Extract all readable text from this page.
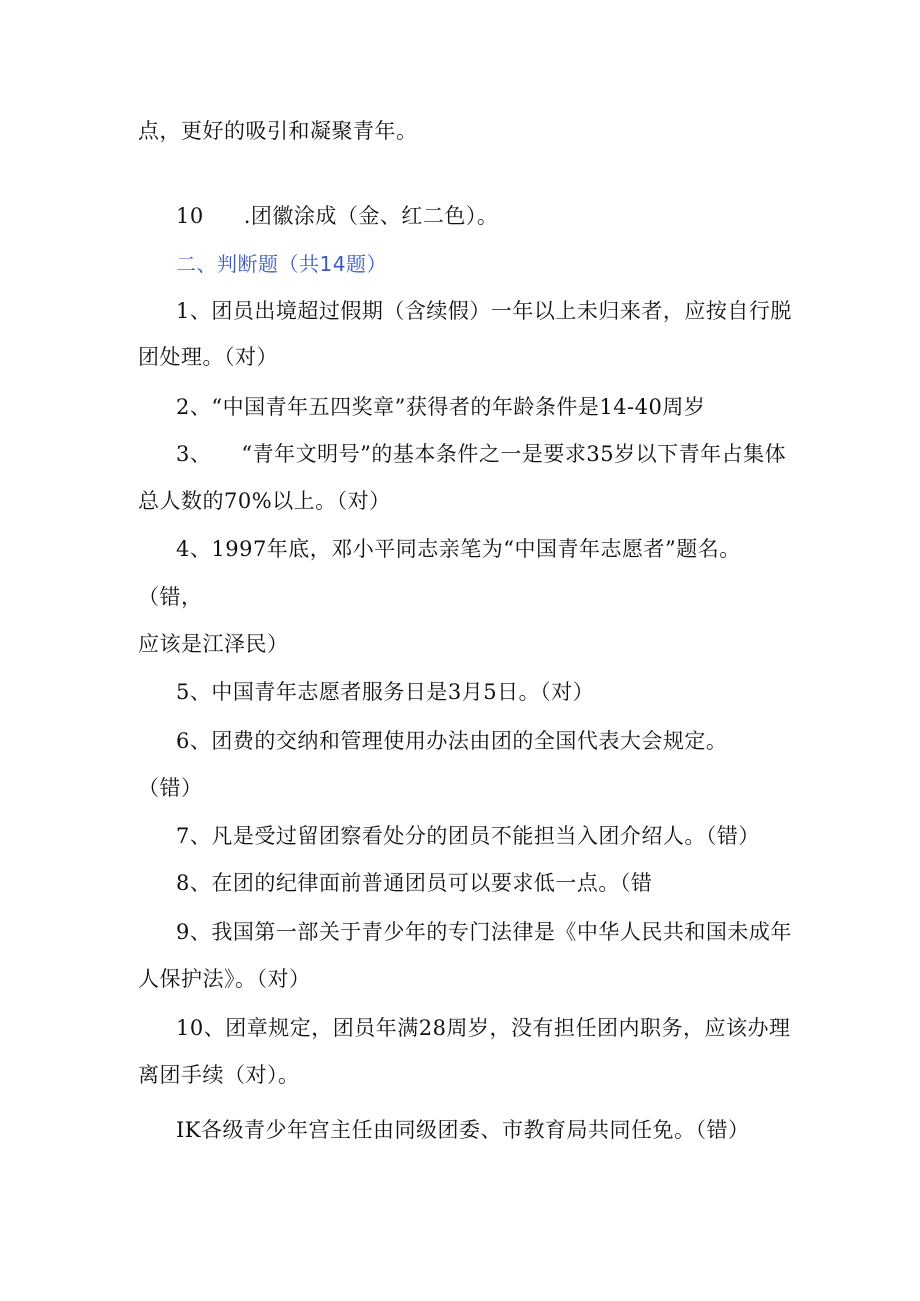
点，更好的吸引和凝聚青年。
10 .团徽涂成（金、红二色）。
二、判断题（共14题）
1、团员出境超过假期（含续假）一年以上未归来者，应按自行脱
团处理。（对）
2、“中国青年五四奖章”获得者的年龄条件是14-40周岁
3、 “青年文明号”的基本条件之一是要求35岁以下青年占集体
总人数的70%以上。（对）
4、1997年底，邓小平同志亲笔为“中国青年志愿者”题名。
（错，
应该是江泽民）
5、中国青年志愿者服务日是3月5日。（对）
6、团费的交纳和管理使用办法由团的全国代表大会规定。
（错）
7、凡是受过留团察看处分的团员不能担当入团介绍人。（错）
8、在团的纪律面前普通团员可以要求低一点。（错
9、我国第一部关于青少年的专门法律是《中华人民共和国未成年
人保护法》。（对）
10、团章规定，团员年满28周岁，没有担任团内职务，应该办理
离团手续（对）。
IK各级青少年宫主任由同级团委、市教育局共同任免。（错）
